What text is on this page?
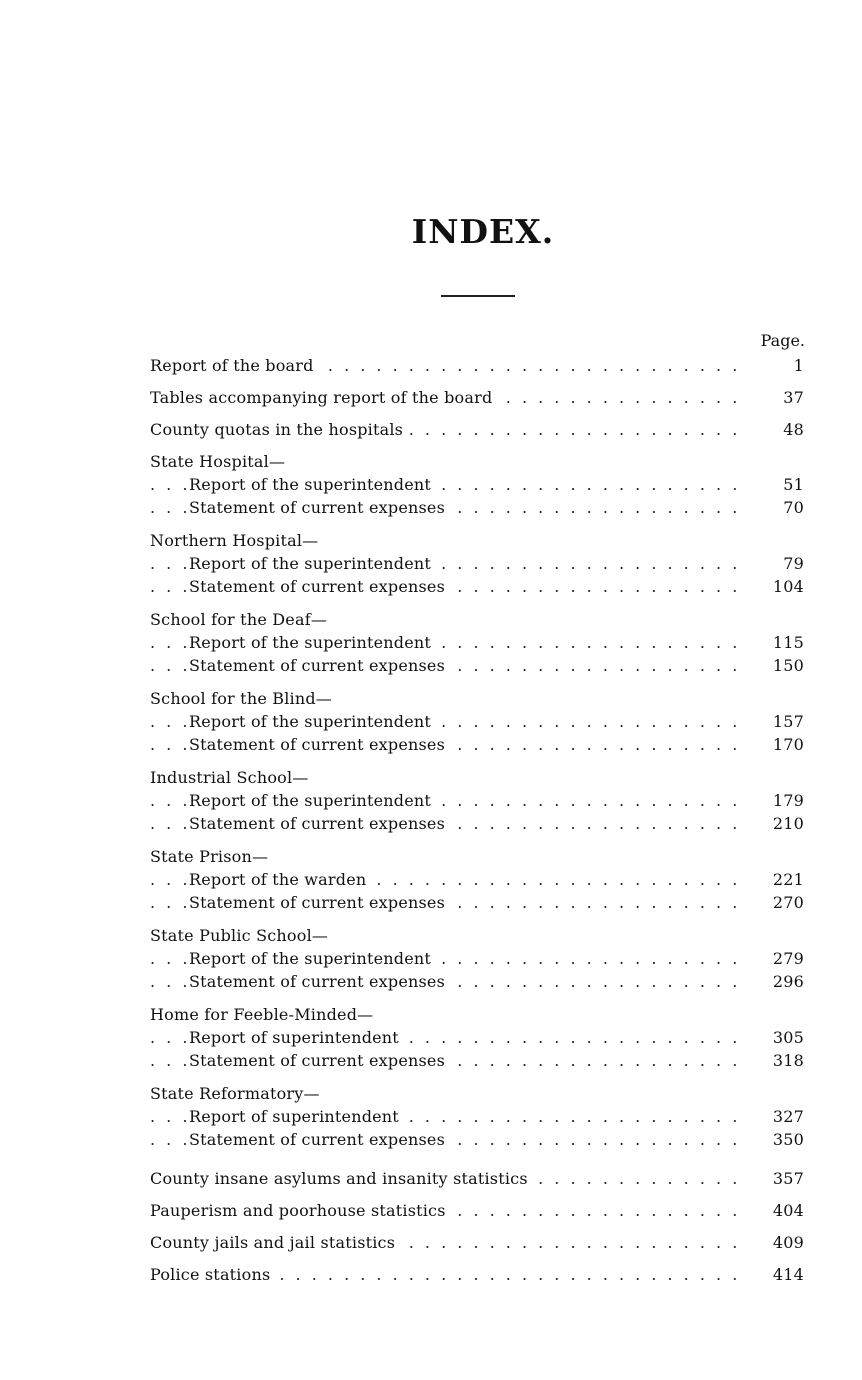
INDEX.
Page.
. . .
Report of the board	1
. . .
Tables accompanying report of the board	37
. . .
County quotas in the hospitals	48
State Hospital—
. . .
Report of the superintendent	51
. . .
Statement of current expenses	70
Northern Hospital—
. . .
Report of the superintendent	79
. . .
Statement of current expenses	104
School for the Deaf—
. . .
Report of the superintendent	115
. . .
Statement of current expenses	150
School for the Blind—
. . .
Report of the superintendent	157
. . .
Statement of current expenses	170
Industrial School—
. . .
Report of the superintendent	179
. . .
Statement of current expenses	210
State Prison—
. . .
Report of the warden	221
. . .
Statement of current expenses	270
State Public School—
. . .
Report of the superintendent	279
. . .
Statement of current expenses	296
Home for Feeble-Minded—
. . .
Report of superintendent	305
. . .
Statement of current expenses	318
State Reformatory—
. . .
Report of superintendent	327
. . .
Statement of current expenses	350
. . .
County insane asylums and insanity statistics	357
. . .
Pauperism and poorhouse statistics	404
. . .
County jails and jail statistics	409
. . .
Police stations	414
